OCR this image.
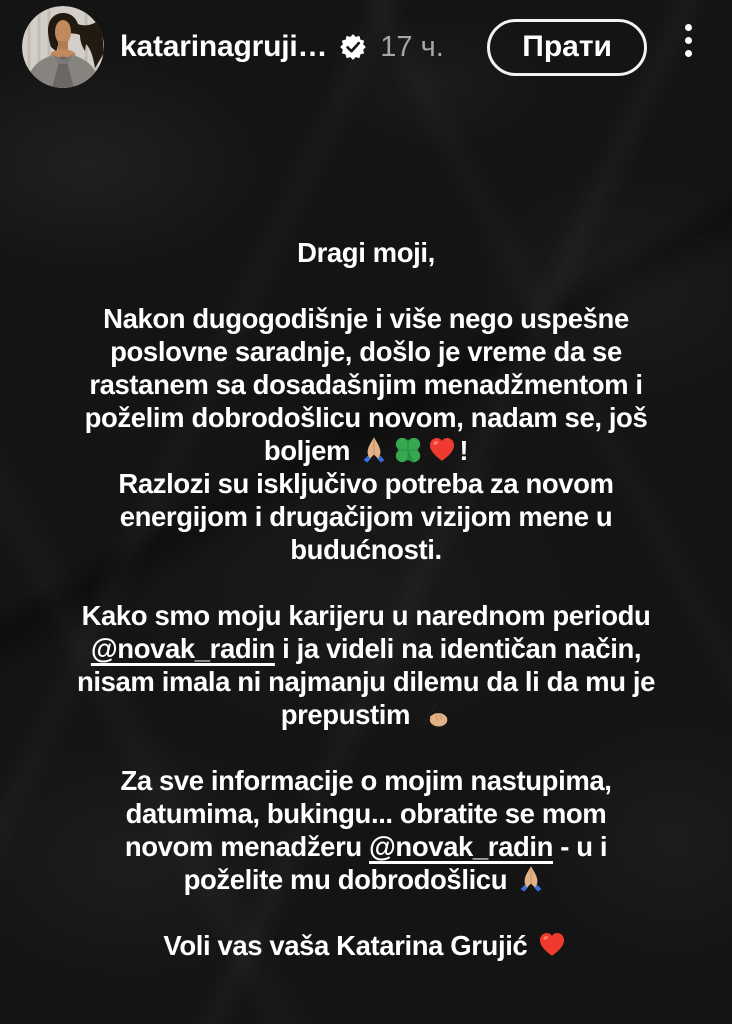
katarinagruji… 17 ч.	Прати
Dragi moji,
Nakon dugogodišnje i više nego uspešne
poslovne saradnje, došlo je vreme da se
rastanem sa dosadašnjim menadžmentom i
poželim dobrodošlicu novom, nadam se, još
boljem	!
Razlozi su isključivo potreba za novom
energijom i drugačijom vizijom mene u
budućnosti.
Kako smo moju karijeru u narednom periodu
@novak_radin i ja videli na identičan način,
nisam imala ni najmanju dilemu da li da mu je
prepustim
Za sve informacije o mojim nastupima,
datumima, bukingu... obratite se mom
novom menadžeru @novak_radin - u i
poželite mu dobrodošlicu
Voli vas vaša Katarina Grujić
